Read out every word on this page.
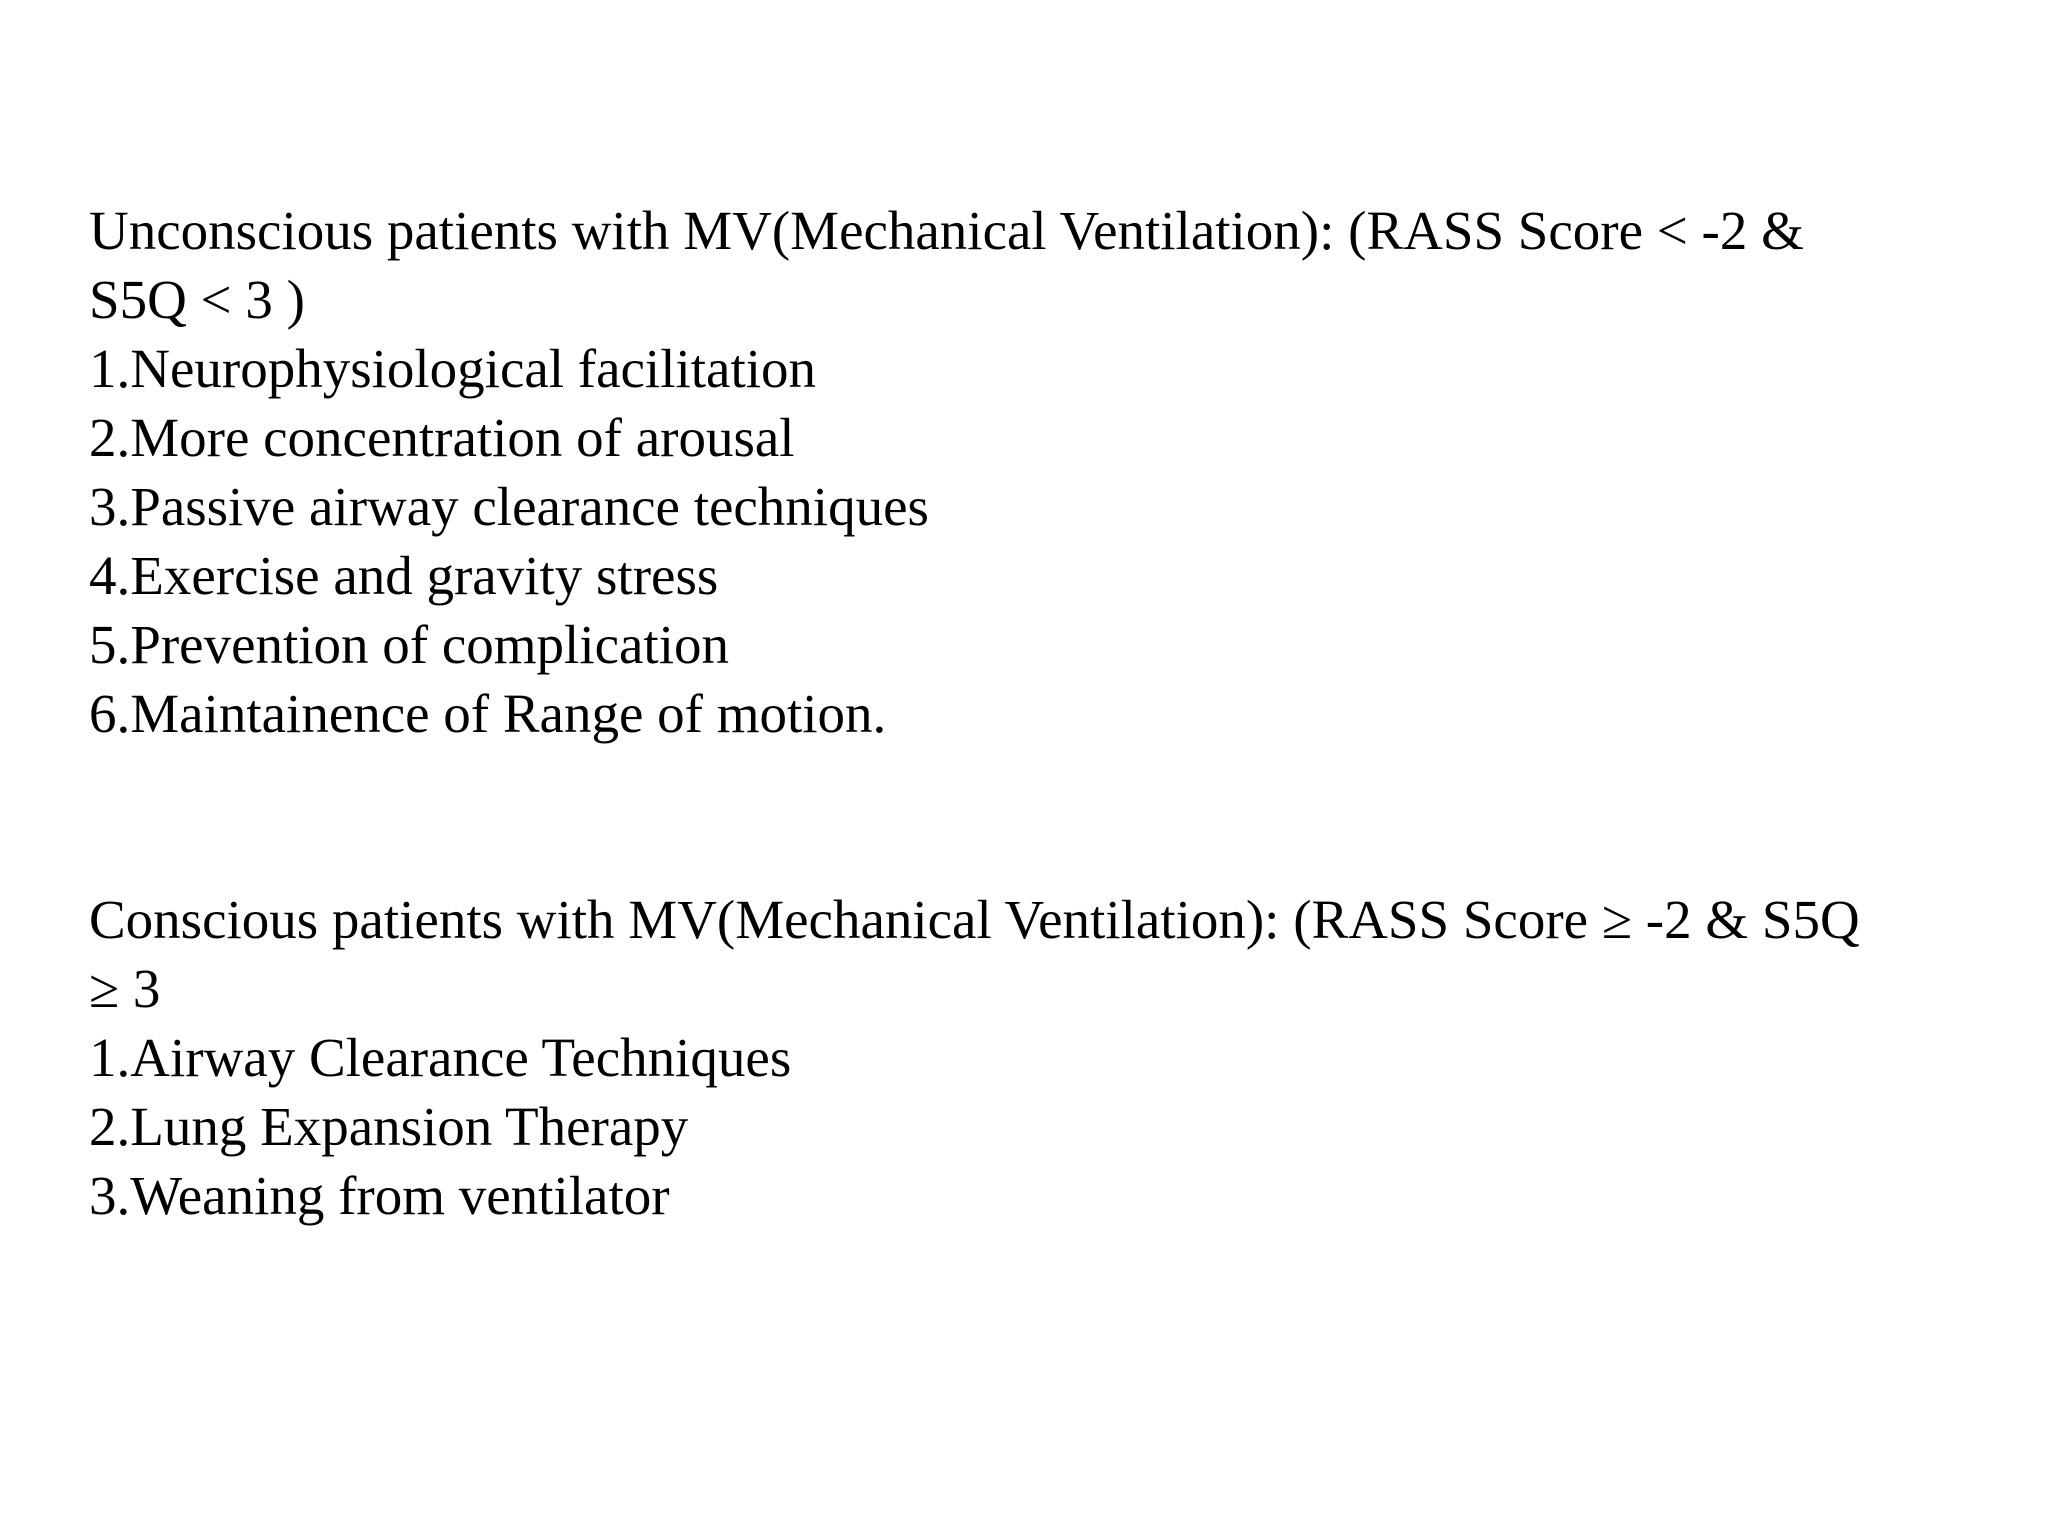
Unconscious patients with MV(Mechanical Ventilation): (RASS Score < -2 &
S5Q < 3 )
1.Neurophysiological facilitation
2.More concentration of arousal
3.Passive airway clearance techniques
4.Exercise and gravity stress
5.Prevention of complication
6.Maintainence of Range of motion.
Conscious patients with MV(Mechanical Ventilation): (RASS Score ≥ -2 & S5Q
≥ 3
1.Airway Clearance Techniques
2.Lung Expansion Therapy
3.Weaning from ventilator
